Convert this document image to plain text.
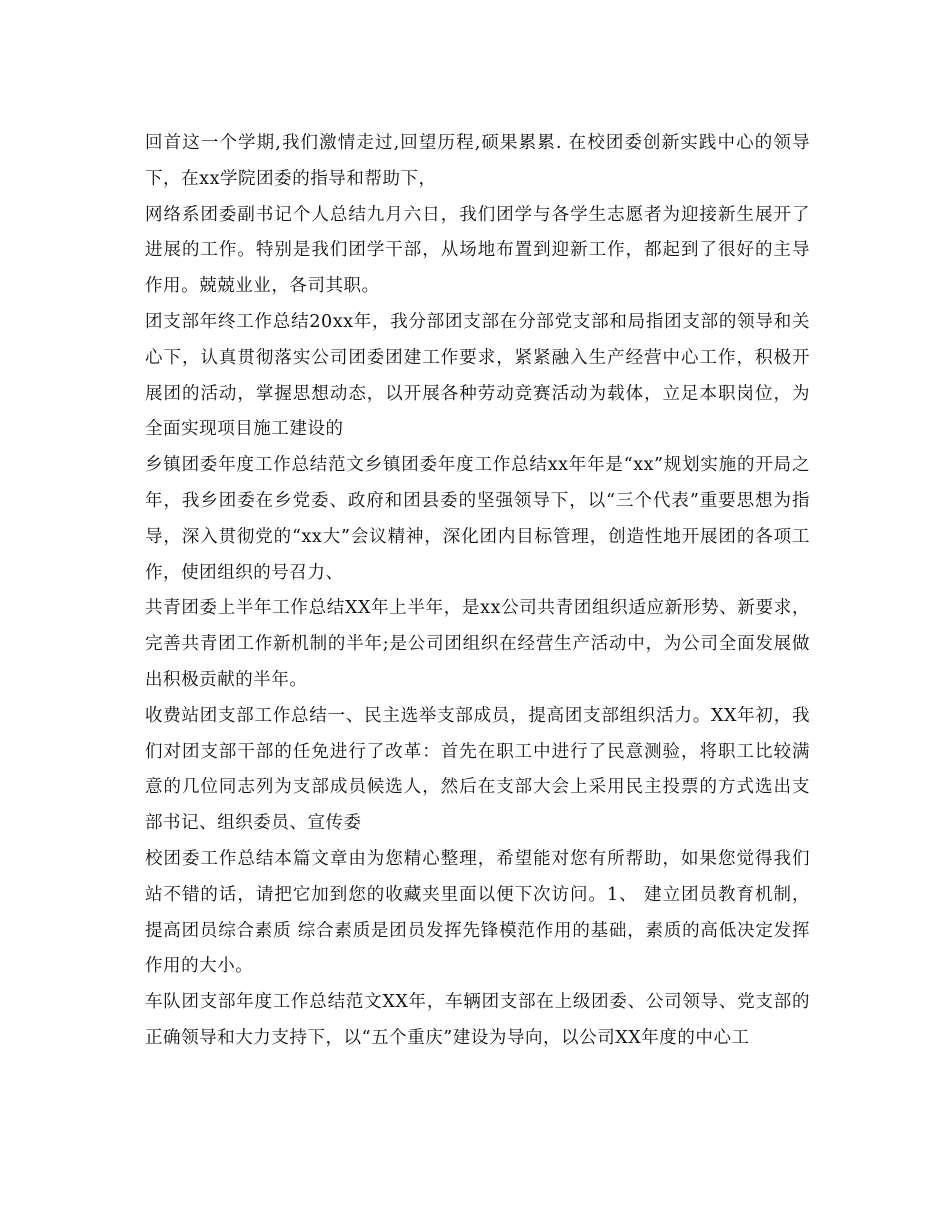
回首这一个学期,我们激情走过,回望历程,硕果累累. 在校团委创新实践中心的领导下，在xx学院团委的指导和帮助下，

网络系团委副书记个人总结九月六日，我们团学与各学生志愿者为迎接新生展开了进展的工作。特别是我们团学干部，从场地布置到迎新工作，都起到了很好的主导作用。兢兢业业，各司其职。

团支部年终工作总结20xx年，我分部团支部在分部党支部和局指团支部的领导和关心下，认真贯彻落实公司团委团建工作要求，紧紧融入生产经营中心工作，积极开展团的活动，掌握思想动态，以开展各种劳动竞赛活动为载体，立足本职岗位，为全面实现项目施工建设的

乡镇团委年度工作总结范文乡镇团委年度工作总结xx年年是“xx”规划实施的开局之年，我乡团委在乡党委、政府和团县委的坚强领导下，以“三个代表”重要思想为指导，深入贯彻党的“xx大”会议精神，深化团内目标管理，创造性地开展团的各项工作，使团组织的号召力、

共青团委上半年工作总结XX年上半年，是xx公司共青团组织适应新形势、新要求，完善共青团工作新机制的半年;是公司团组织在经营生产活动中，为公司全面发展做出积极贡献的半年。

收费站团支部工作总结一、民主选举支部成员，提高团支部组织活力。XX年初，我们对团支部干部的任免进行了改革：首先在职工中进行了民意测验，将职工比较满意的几位同志列为支部成员候选人，然后在支部大会上采用民主投票的方式选出支部书记、组织委员、宣传委

校团委工作总结本篇文章由为您精心整理，希望能对您有所帮助，如果您觉得我们站不错的话，请把它加到您的收藏夹里面以便下次访问。1、 建立团员教育机制，提高团员综合素质 综合素质是团员发挥先锋模范作用的基础，素质的高低决定发挥作用的大小。

车队团支部年度工作总结范文XX年，车辆团支部在上级团委、公司领导、党支部的正确领导和大力支持下，以“五个重庆”建设为导向，以公司XX年度的中心工
